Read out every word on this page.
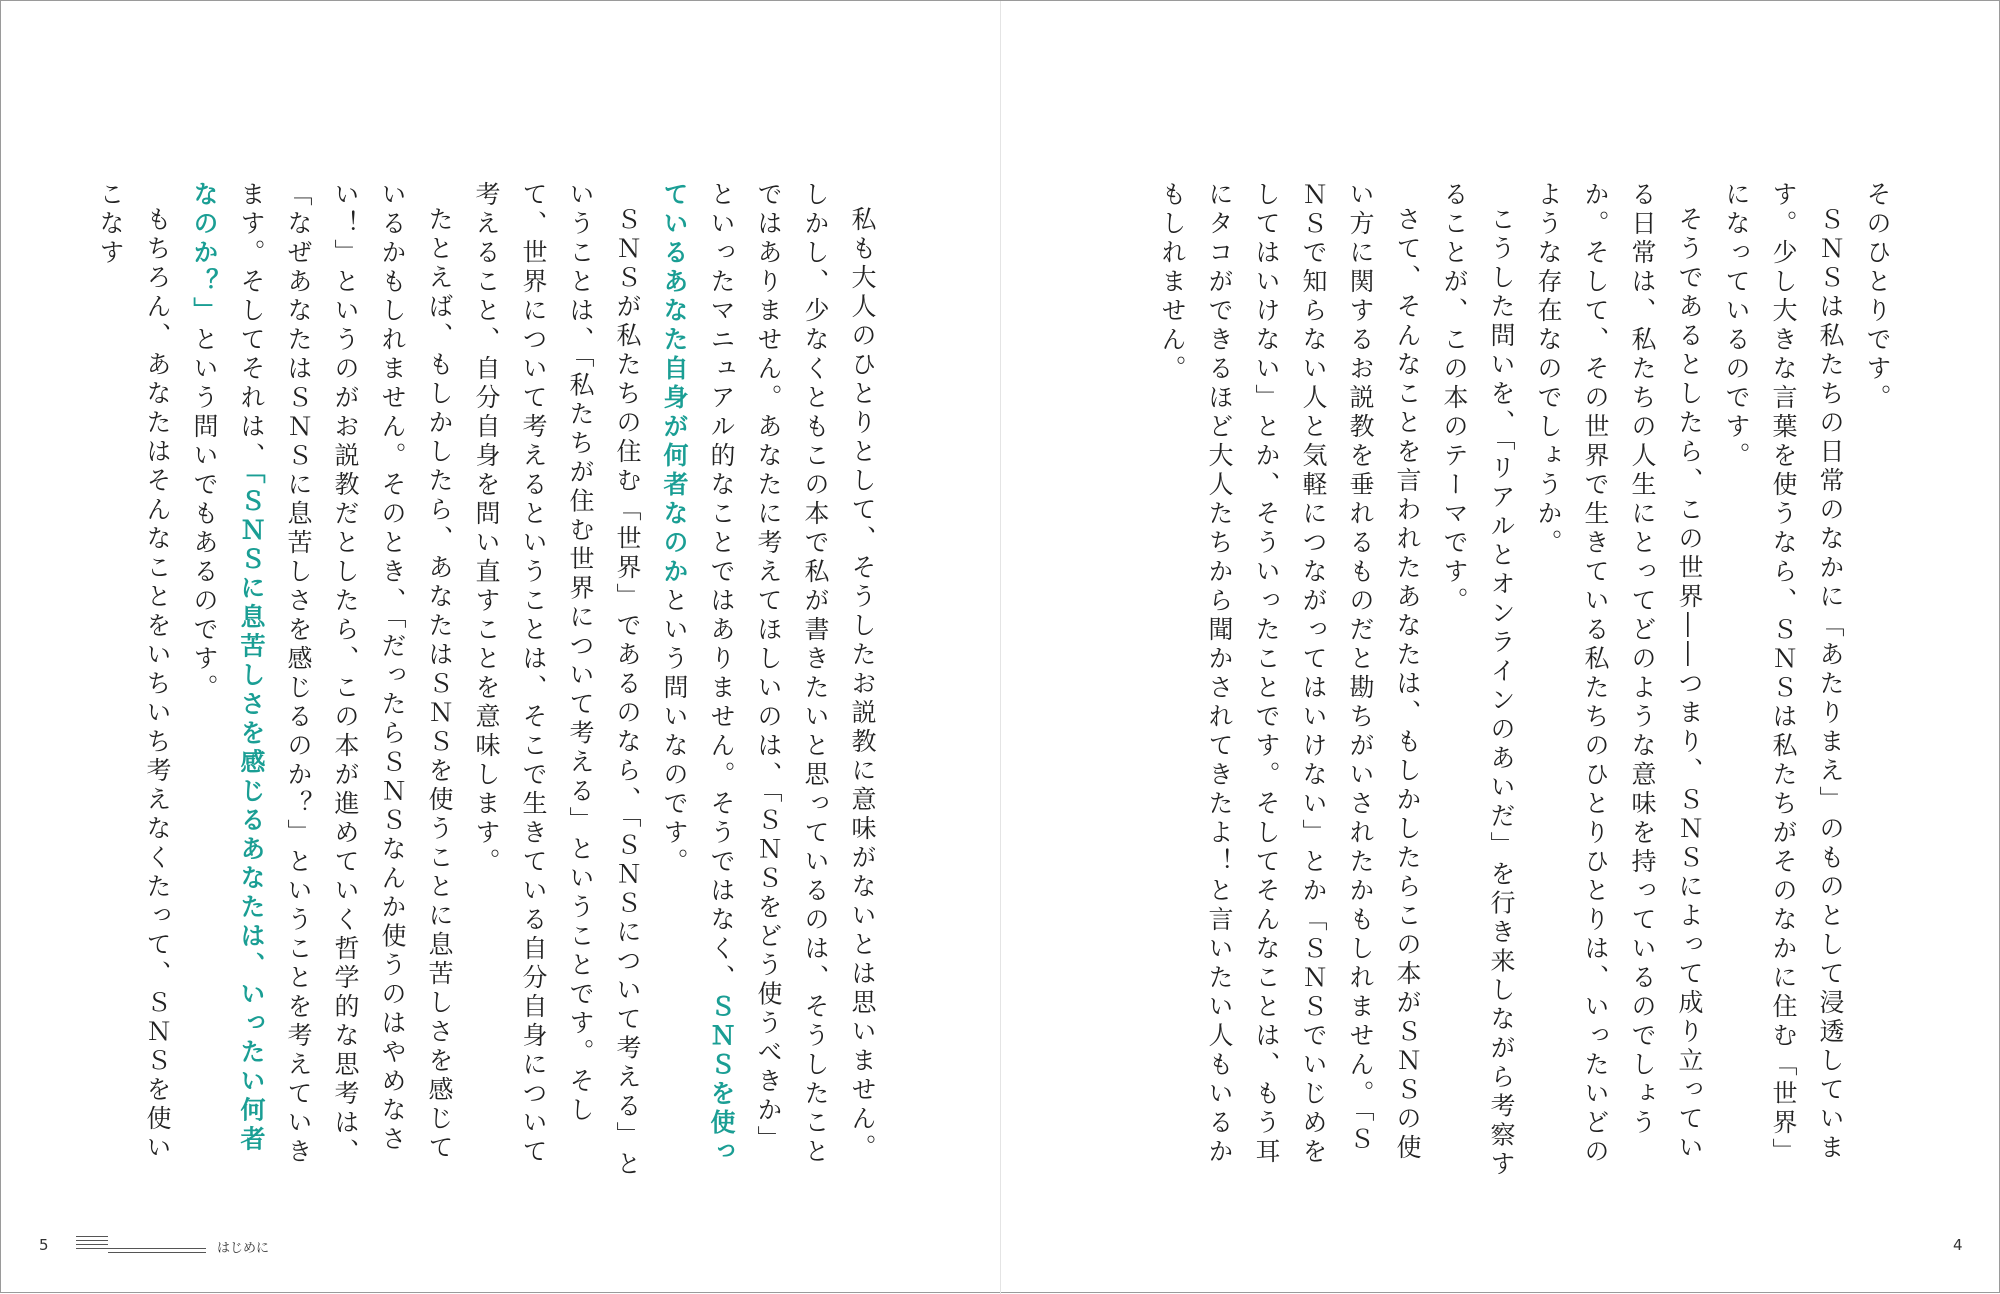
そのひとりです。

ＳＮＳは私たちの日常のなかに「あたりまえ」のものとして浸透しています。少し大きな言葉を使うなら、ＳＮＳは私たちがそのなかに住む「世界」になっているのです。

そうであるとしたら、この世界――つまり、ＳＮＳによって成り立っている日常は、私たちの人生にとってどのような意味を持っているのでしょうか。そして、その世界で生きている私たちのひとりひとりは、いったいどのような存在なのでしょうか。

こうした問いを、「リアルとオンラインのあいだ」を行き来しながら考察することが、この本のテーマです。

さて、そんなことを言われたあなたは、もしかしたらこの本がＳＮＳの使い方に関するお説教を垂れるものだと勘ちがいされたかもしれません。「ＳＮＳで知らない人と気軽につながってはいけない」とか「ＳＮＳでいじめをしてはいけない」とか、そういったことです。そしてそんなことは、もう耳にタコができるほど大人たちから聞かされてきたよ！と言いたい人もいるかもしれません。

私も大人のひとりとして、そうしたお説教に意味がないとは思いません。しかし、少なくともこの本で私が書きたいと思っているのは、そうしたことではありません。あなたに考えてほしいのは、「ＳＮＳをどう使うべきか」といったマニュアル的なことではありません。そうではなく、ＳＮＳを使っているあなた自身が何者なのかという問いなのです。

ＳＮＳが私たちの住む「世界」であるのなら、「ＳＮＳについて考える」ということは、「私たちが住む世界について考える」ということです。そして、世界について考えるということは、そこで生きている自分自身について考えること、自分自身を問い直すことを意味します。

たとえば、もしかしたら、あなたはＳＮＳを使うことに息苦しさを感じているかもしれません。そのとき、「だったらＳＮＳなんか使うのはやめなさい！」というのがお説教だとしたら、この本が進めていく哲学的な思考は、「なぜあなたはＳＮＳに息苦しさを感じるのか？」ということを考えていきます。そしてそれは、「ＳＮＳに息苦しさを感じるあなたは、いったい何者なのか？」という問いでもあるのです。

もちろん、あなたはそんなことをいちいち考えなくたって、ＳＮＳを使いこなす

5	はじめに	4
